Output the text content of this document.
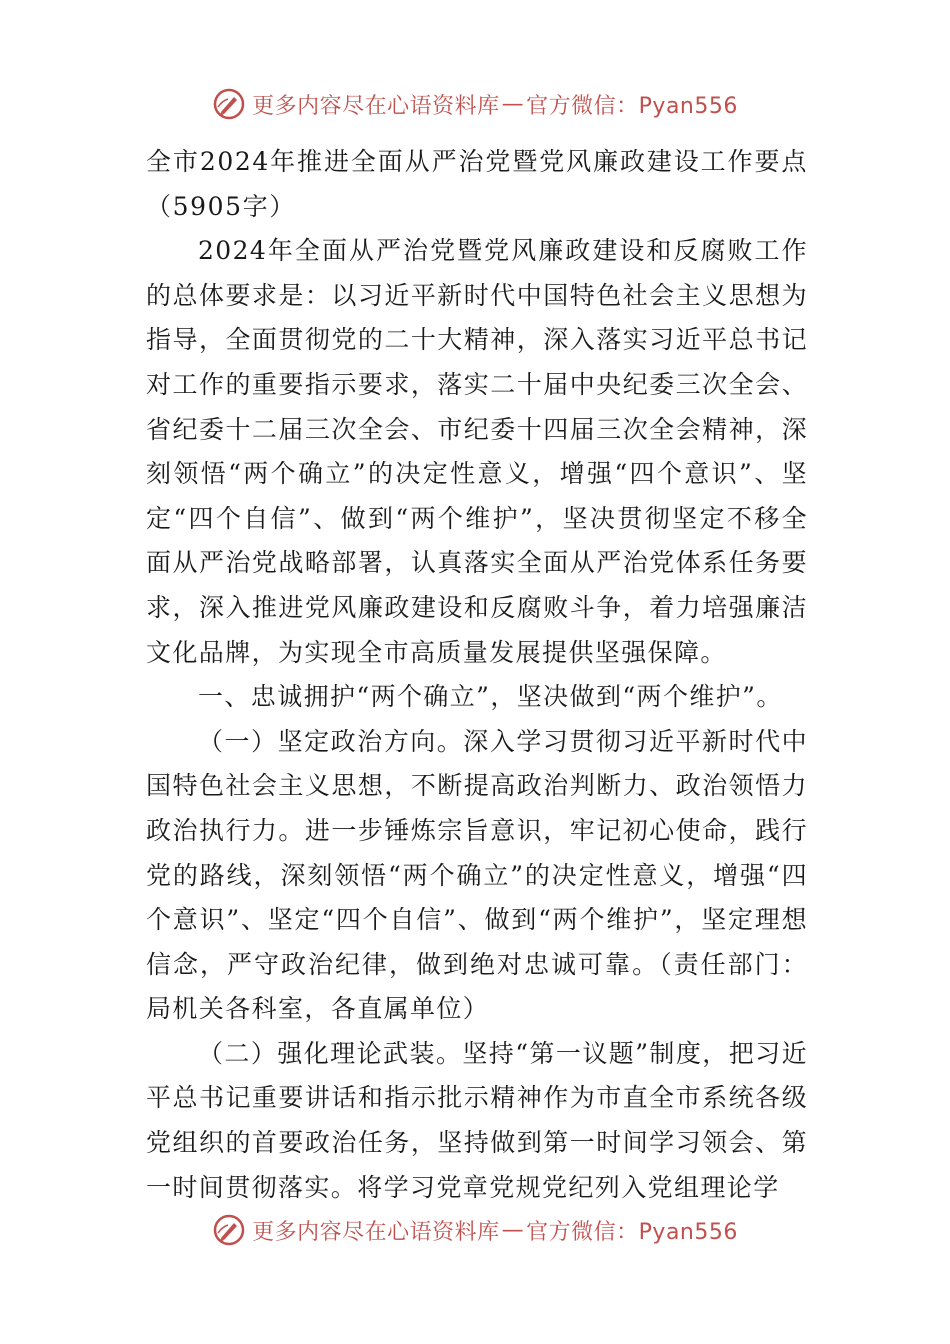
更多内容尽在心语资料库 — 官方微信：Pyan556

全市2024年推进全面从严治党暨党风廉政建设工作要点（5905字）

2024年全面从严治党暨党风廉政建设和反腐败工作的总体要求是：以习近平新时代中国特色社会主义思想为指导，全面贯彻党的二十大精神，深入落实习近平总书记对工作的重要指示要求，落实二十届中央纪委三次全会、省纪委十二届三次全会、市纪委十四届三次全会精神，深刻领悟“两个确立”的决定性意义，增强“四个意识”、坚定“四个自信”、做到“两个维护”，坚决贯彻坚定不移全面从严治党战略部署，认真落实全面从严治党体系任务要求，深入推进党风廉政建设和反腐败斗争，着力培强廉洁文化品牌，为实现全市高质量发展提供坚强保障。

一、忠诚拥护“两个确立”，坚决做到“两个维护”。

（一）坚定政治方向。深入学习贯彻习近平新时代中国特色社会主义思想，不断提高政治判断力、政治领悟力政治执行力。进一步锤炼宗旨意识，牢记初心使命，践行党的路线，深刻领悟“两个确立”的决定性意义，增强“四个意识”、坚定“四个自信”、做到“两个维护”，坚定理想信念，严守政治纪律，做到绝对忠诚可靠。（责任部门：局机关各科室，各直属单位）

（二）强化理论武装。坚持“第一议题”制度，把习近平总书记重要讲话和指示批示精神作为市直全市系统各级党组织的首要政治任务，坚持做到第一时间学习领会、第一时间贯彻落实。将学习党章党规党纪列入党组理论学

更多内容尽在心语资料库 — 官方微信：Pyan556
